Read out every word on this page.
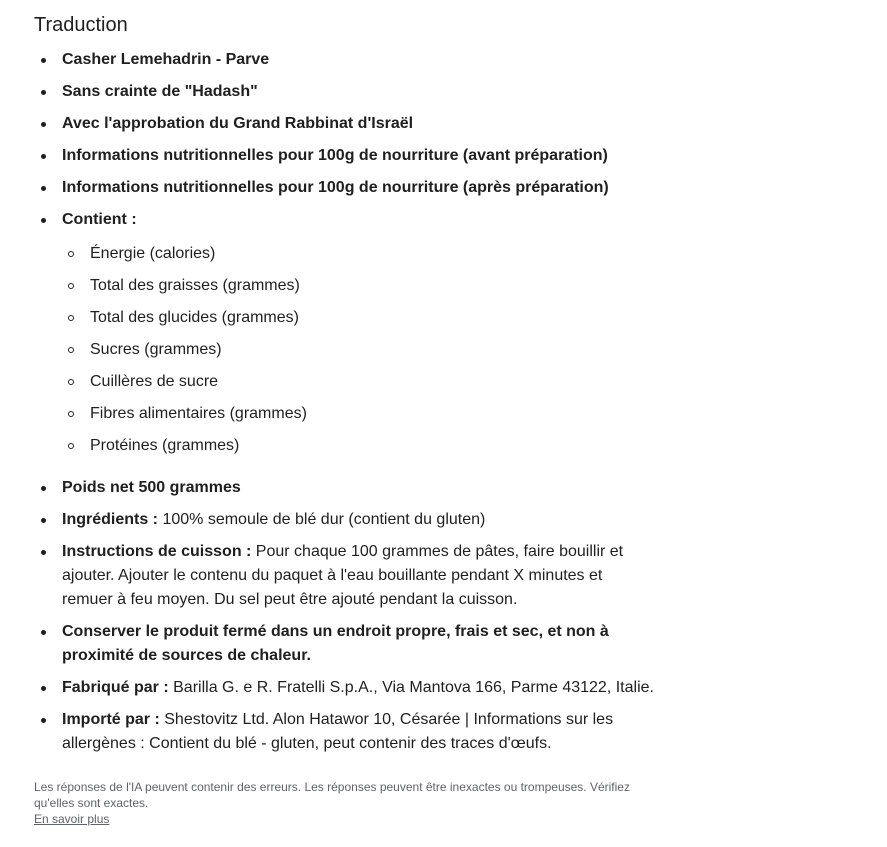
Traduction
Casher Lemehadrin - Parve
Sans crainte de "Hadash"
Avec l'approbation du Grand Rabbinat d'Israël
Informations nutritionnelles pour 100g de nourriture (avant préparation)
Informations nutritionnelles pour 100g de nourriture (après préparation)
Contient :
Énergie (calories)
Total des graisses (grammes)
Total des glucides (grammes)
Sucres (grammes)
Cuillères de sucre
Fibres alimentaires (grammes)
Protéines (grammes)
Poids net 500 grammes
Ingrédients : 100% semoule de blé dur (contient du gluten)
Instructions de cuisson : Pour chaque 100 grammes de pâtes, faire bouillir et ajouter. Ajouter le contenu du paquet à l'eau bouillante pendant X minutes et remuer à feu moyen. Du sel peut être ajouté pendant la cuisson.
Conserver le produit fermé dans un endroit propre, frais et sec, et non à proximité de sources de chaleur.
Fabriqué par : Barilla G. e R. Fratelli S.p.A., Via Mantova 166, Parme 43122, Italie.
Importé par : Shestovitz Ltd. Alon Hatawor 10, Césarée | Informations sur les allergènes : Contient du blé - gluten, peut contenir des traces d'œufs.
Les réponses de l'IA peuvent contenir des erreurs. Les réponses peuvent être inexactes ou trompeuses. Vérifiez qu'elles sont exactes.
En savoir plus
